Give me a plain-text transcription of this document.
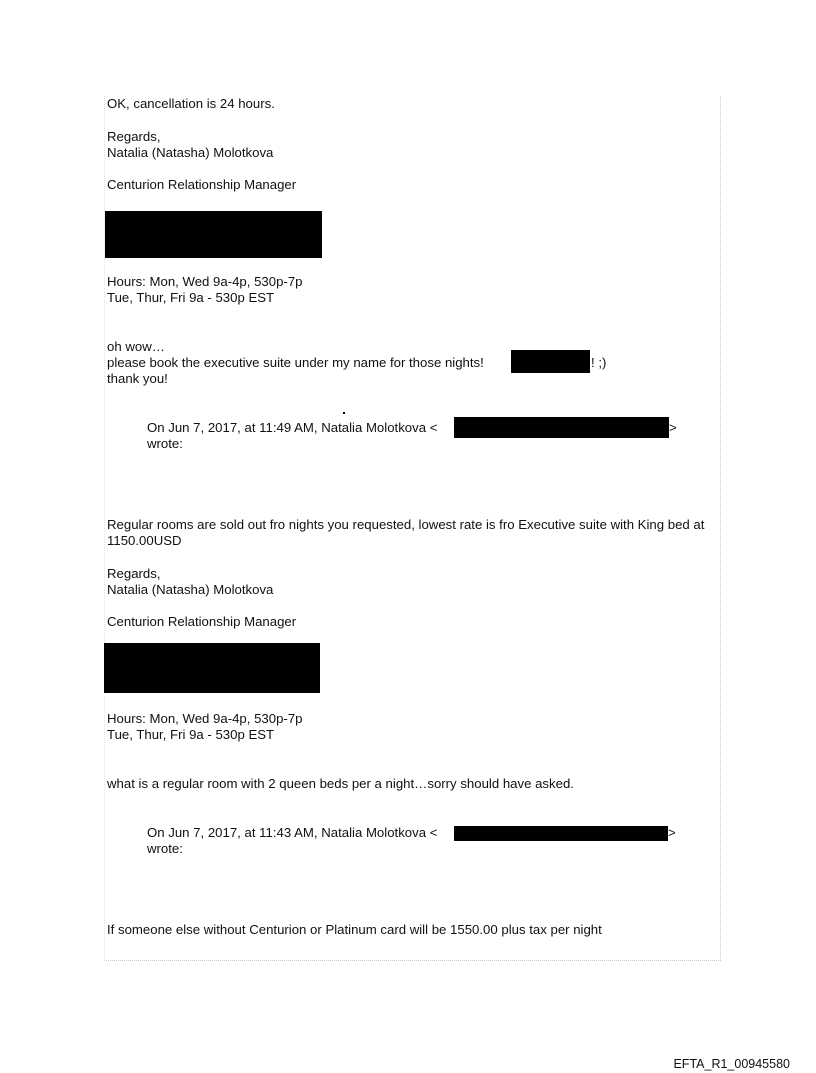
OK, cancellation is 24 hours.
Regards,
Natalia (Natasha) Molotkova
Centurion Relationship Manager
Hours: Mon, Wed 9a-4p, 530p-7p
Tue, Thur, Fri 9a - 530p EST
oh wow…
please book the executive suite under my name for those nights!	! ;)
thank you!
On Jun 7, 2017, at 11:49 AM, Natalia Molotkova <	>
wrote:
Regular rooms are sold out fro nights you requested, lowest rate is fro Executive suite with King bed at 1150.00USD
Regards,
Natalia (Natasha) Molotkova
Centurion Relationship Manager
Hours: Mon, Wed 9a-4p, 530p-7p
Tue, Thur, Fri 9a - 530p EST
what is a regular room with 2 queen beds per a night…sorry should have asked.
On Jun 7, 2017, at 11:43 AM, Natalia Molotkova <	>
wrote:
If someone else without Centurion or Platinum card will be 1550.00 plus tax per night
EFTA_R1_00945580
